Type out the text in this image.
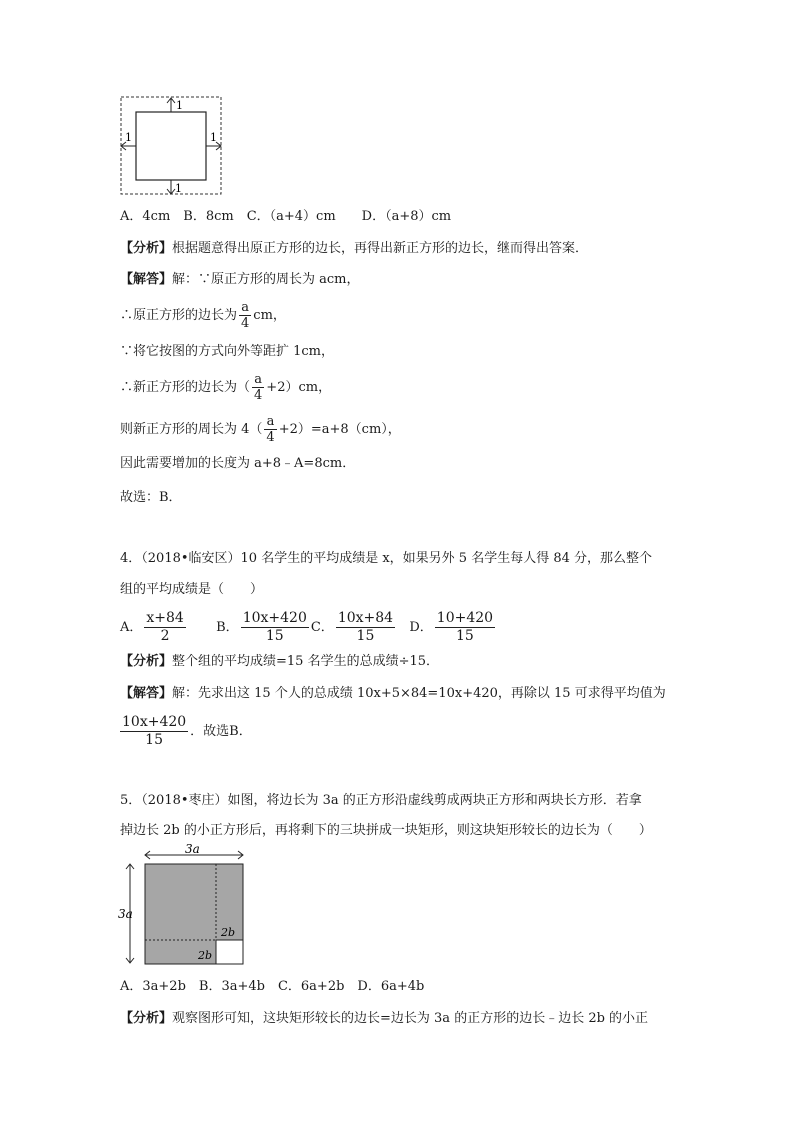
1
1	1
1
A．4cm　B．8cm　C．（a+4）cm　　D．（a+8）cm
【分析】根据题意得出原正方形的边长，再得出新正方形的边长，继而得出答案．
【解答】解：∵原正方形的周长为 acm，
∴原正方形的边长为 $\frac{a}{4}$ cm，
∵将它按图的方式向外等距扩 1cm，
∴新正方形的边长为（ $\frac{a}{4} +2)cm$，
则新正方形的周长为 $4( \frac{a}{4} +2)=a+8(cm)$，
因此需要增加的长度为 a+8﹣A=8cm．
故选：B．
4．（2018•临安区）10 名学生的平均成绩是 x，如果另外 5 名学生每人得 84 分，那么整个
组的平均成绩是（　　）
A． $\frac{x+84}{2}$ B． $\frac{10x+420}{15}$ C． $\frac{10x+84}{15}$ D． $\frac{10+420}{15}$
【分析】整个组的平均成绩=15 名学生的总成绩÷15．
【解答】解：先求出这 15 个人的总成绩 10x+5×84=10x+420，再除以 15 可求得平均值为
$\frac{10x+420}{15}$ ．故选B．
5．（2018•枣庄）如图，将边长为 3a 的正方形沿虚线剪成两块正方形和两块长方形．若拿
掉边长 2b 的小正方形后，再将剩下的三块拼成一块矩形，则这块矩形较长的边长为（　　）
3a
3a
2b
2b
A．3a+2b　B．3a+4b　C．6a+2b　D．6a+4b
【分析】观察图形可知，这块矩形较长的边长=边长为 3a 的正方形的边长﹣边长 2b 的小正
